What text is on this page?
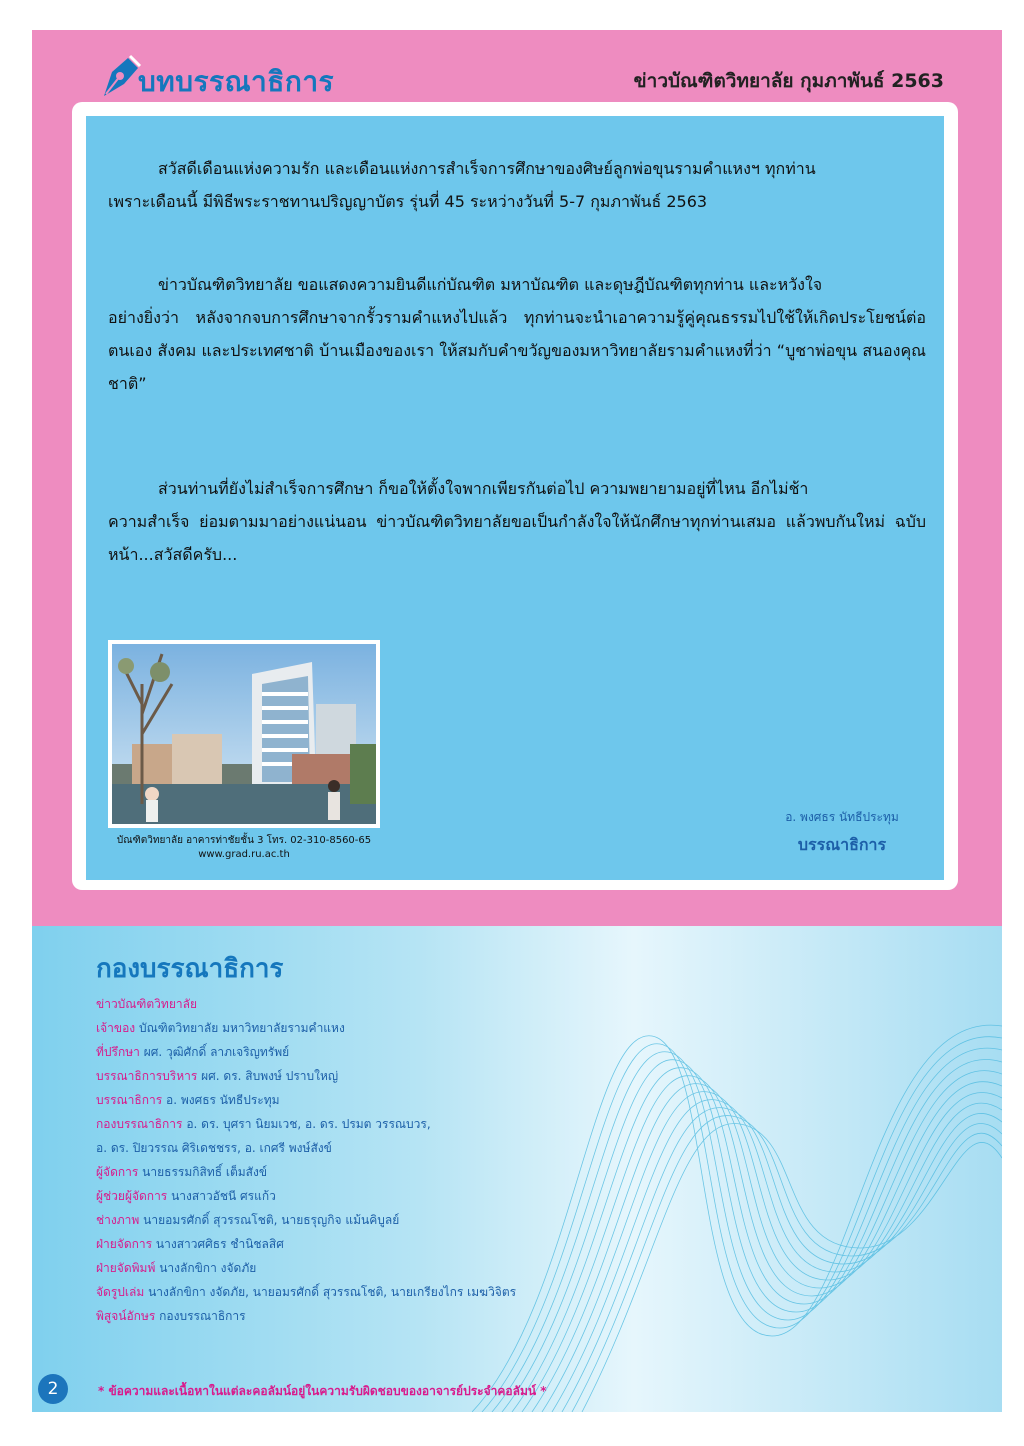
บทบรรณาธิการ	ข่าวบัณฑิตวิทยาลัย กุมภาพันธ์ 2563
สวัสดีเดือนแห่งความรัก และเดือนแห่งการสำเร็จการศึกษาของศิษย์ลูกพ่อขุนรามคำแหงฯ ทุกท่าน
เพราะเดือนนี้ มีพิธีพระราชทานปริญญาบัตร รุ่นที่ 45 ระหว่างวันที่ 5-7 กุมภาพันธ์ 2563
ข่าวบัณฑิตวิทยาลัย ขอแสดงความยินดีแก่บัณฑิต มหาบัณฑิต และดุษฎีบัณฑิตทุกท่าน และหวังใจ
อย่างยิ่งว่า หลังจากจบการศึกษาจากรั้วรามคำแหงไปแล้ว ทุกท่านจะนำเอาความรู้คู่คุณธรรมไปใช้ให้เกิดประโยชน์ต่อตนเอง สังคม และประเทศชาติ บ้านเมืองของเรา ให้สมกับคำขวัญของมหาวิทยาลัยรามคำแหงที่ว่า “บูชาพ่อขุน สนองคุณชาติ”
ส่วนท่านที่ยังไม่สำเร็จการศึกษา ก็ขอให้ตั้งใจพากเพียรกันต่อไป ความพยายามอยู่ที่ไหน อีกไม่ช้า
ความสำเร็จ ย่อมตามมาอย่างแน่นอน ข่าวบัณฑิตวิทยาลัยขอเป็นกำลังใจให้นักศึกษาทุกท่านเสมอ แล้วพบกันใหม่ ฉบับหน้า...สวัสดีครับ...
บัณฑิตวิทยาลัย อาคารท่าชัยชั้น 3 โทร. 02-310-8560-65
www.grad.ru.ac.th
อ. พงศธร นัทธีประทุม
บรรณาธิการ
กองบรรณาธิการ
ข่าวบัณฑิตวิทยาลัย
เจ้าของ บัณฑิตวิทยาลัย มหาวิทยาลัยรามคำแหง
ที่ปรึกษา ผศ. วุฒิศักดิ์ ลาภเจริญทรัพย์
บรรณาธิการบริหาร ผศ. ดร. สิบพงษ์ ปราบใหญ่
บรรณาธิการ อ. พงศธร นัทธีประทุม
กองบรรณาธิการ อ. ดร. บุศรา นิยมเวช, อ. ดร. ปรมต วรรณบวร,
อ. ดร. ปิยวรรณ ศิริเดชชรร, อ. เกศรี พงษ์สังข์
ผู้จัดการ นายธรรมกิสิทธิ์ เต็มสังข์
ผู้ช่วยผู้จัดการ นางสาวอัชนี ศรแก้ว
ช่างภาพ นายอมรศักดิ์ สุวรรณโชติ, นายธรุญกิจ แม้นคิบูลย์
ฝ่ายจัดการ นางสาวศศิธร ชำนิชลสิศ
ฝ่ายจัดพิมพ์ นางลักขิกา งจัดภัย
จัดรูปเล่ม นางลักขิกา งจัดภัย, นายอมรศักดิ์ สุวรรณโชติ, นายเกรียงไกร เมฆวิจิตร
พิสูจน์อักษร กองบรรณาธิการ
2	* ข้อความและเนื้อหาในแต่ละคอลัมน์อยู่ในความรับผิดชอบของอาจารย์ประจำคอลัมน์ *
